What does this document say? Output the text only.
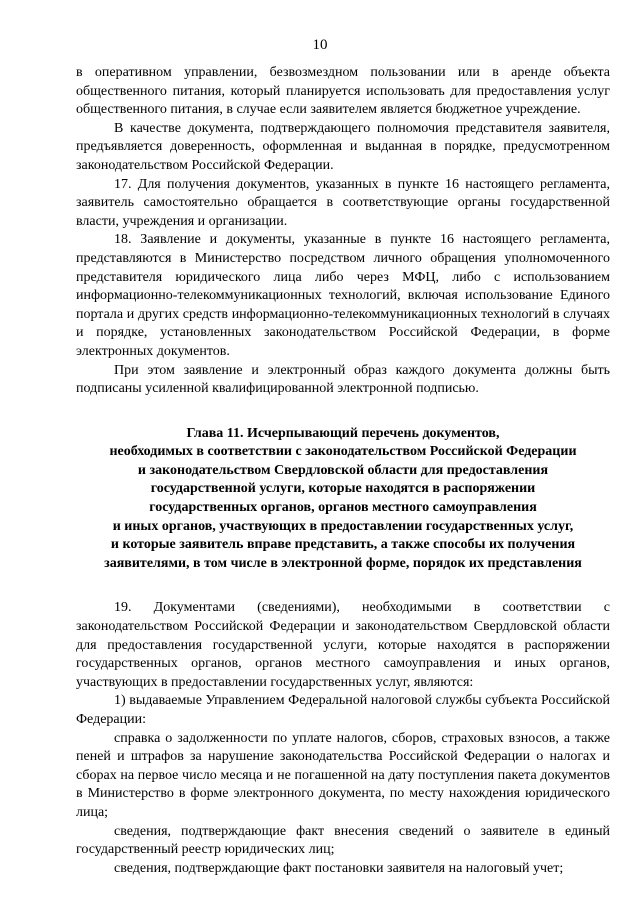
10

в оперативном управлении, безвозмездном пользовании или в аренде объекта общественного питания, который планируется использовать для предоставления услуг общественного питания, в случае если заявителем является бюджетное учреждение.

В качестве документа, подтверждающего полномочия представителя заявителя, предъявляется доверенность, оформленная и выданная в порядке, предусмотренном законодательством Российской Федерации.

17. Для получения документов, указанных в пункте 16 настоящего регламента, заявитель самостоятельно обращается в соответствующие органы государственной власти, учреждения и организации.

18. Заявление и документы, указанные в пункте 16 настоящего регламента, представляются в Министерство посредством личного обращения уполномоченного представителя юридического лица либо через МФЦ, либо с использованием информационно-телекоммуникационных технологий, включая использование Единого портала и других средств информационно-телекоммуникационных технологий в случаях и порядке, установленных законодательством Российской Федерации, в форме электронных документов.

При этом заявление и электронный образ каждого документа должны быть подписаны усиленной квалифицированной электронной подписью.

Глава 11. Исчерпывающий перечень документов,
необходимых в соответствии с законодательством Российской Федерации
и законодательством Свердловской области для предоставления
государственной услуги, которые находятся в распоряжении
государственных органов, органов местного самоуправления
и иных органов, участвующих в предоставлении государственных услуг,
и которые заявитель вправе представить, а также способы их получения
заявителями, в том числе в электронной форме, порядок их представления

19. Документами (сведениями), необходимыми в соответствии с законодательством Российской Федерации и законодательством Свердловской области для предоставления государственной услуги, которые находятся в распоряжении государственных органов, органов местного самоуправления и иных органов, участвующих в предоставлении государственных услуг, являются:

1) выдаваемые Управлением Федеральной налоговой службы субъекта Российской Федерации:

справка о задолженности по уплате налогов, сборов, страховых взносов, а также пеней и штрафов за нарушение законодательства Российской Федерации о налогах и сборах на первое число месяца и не погашенной на дату поступления пакета документов в Министерство в форме электронного документа, по месту нахождения юридического лица;

сведения, подтверждающие факт внесения сведений о заявителе в единый государственный реестр юридических лиц;

сведения, подтверждающие факт постановки заявителя на налоговый учет;
